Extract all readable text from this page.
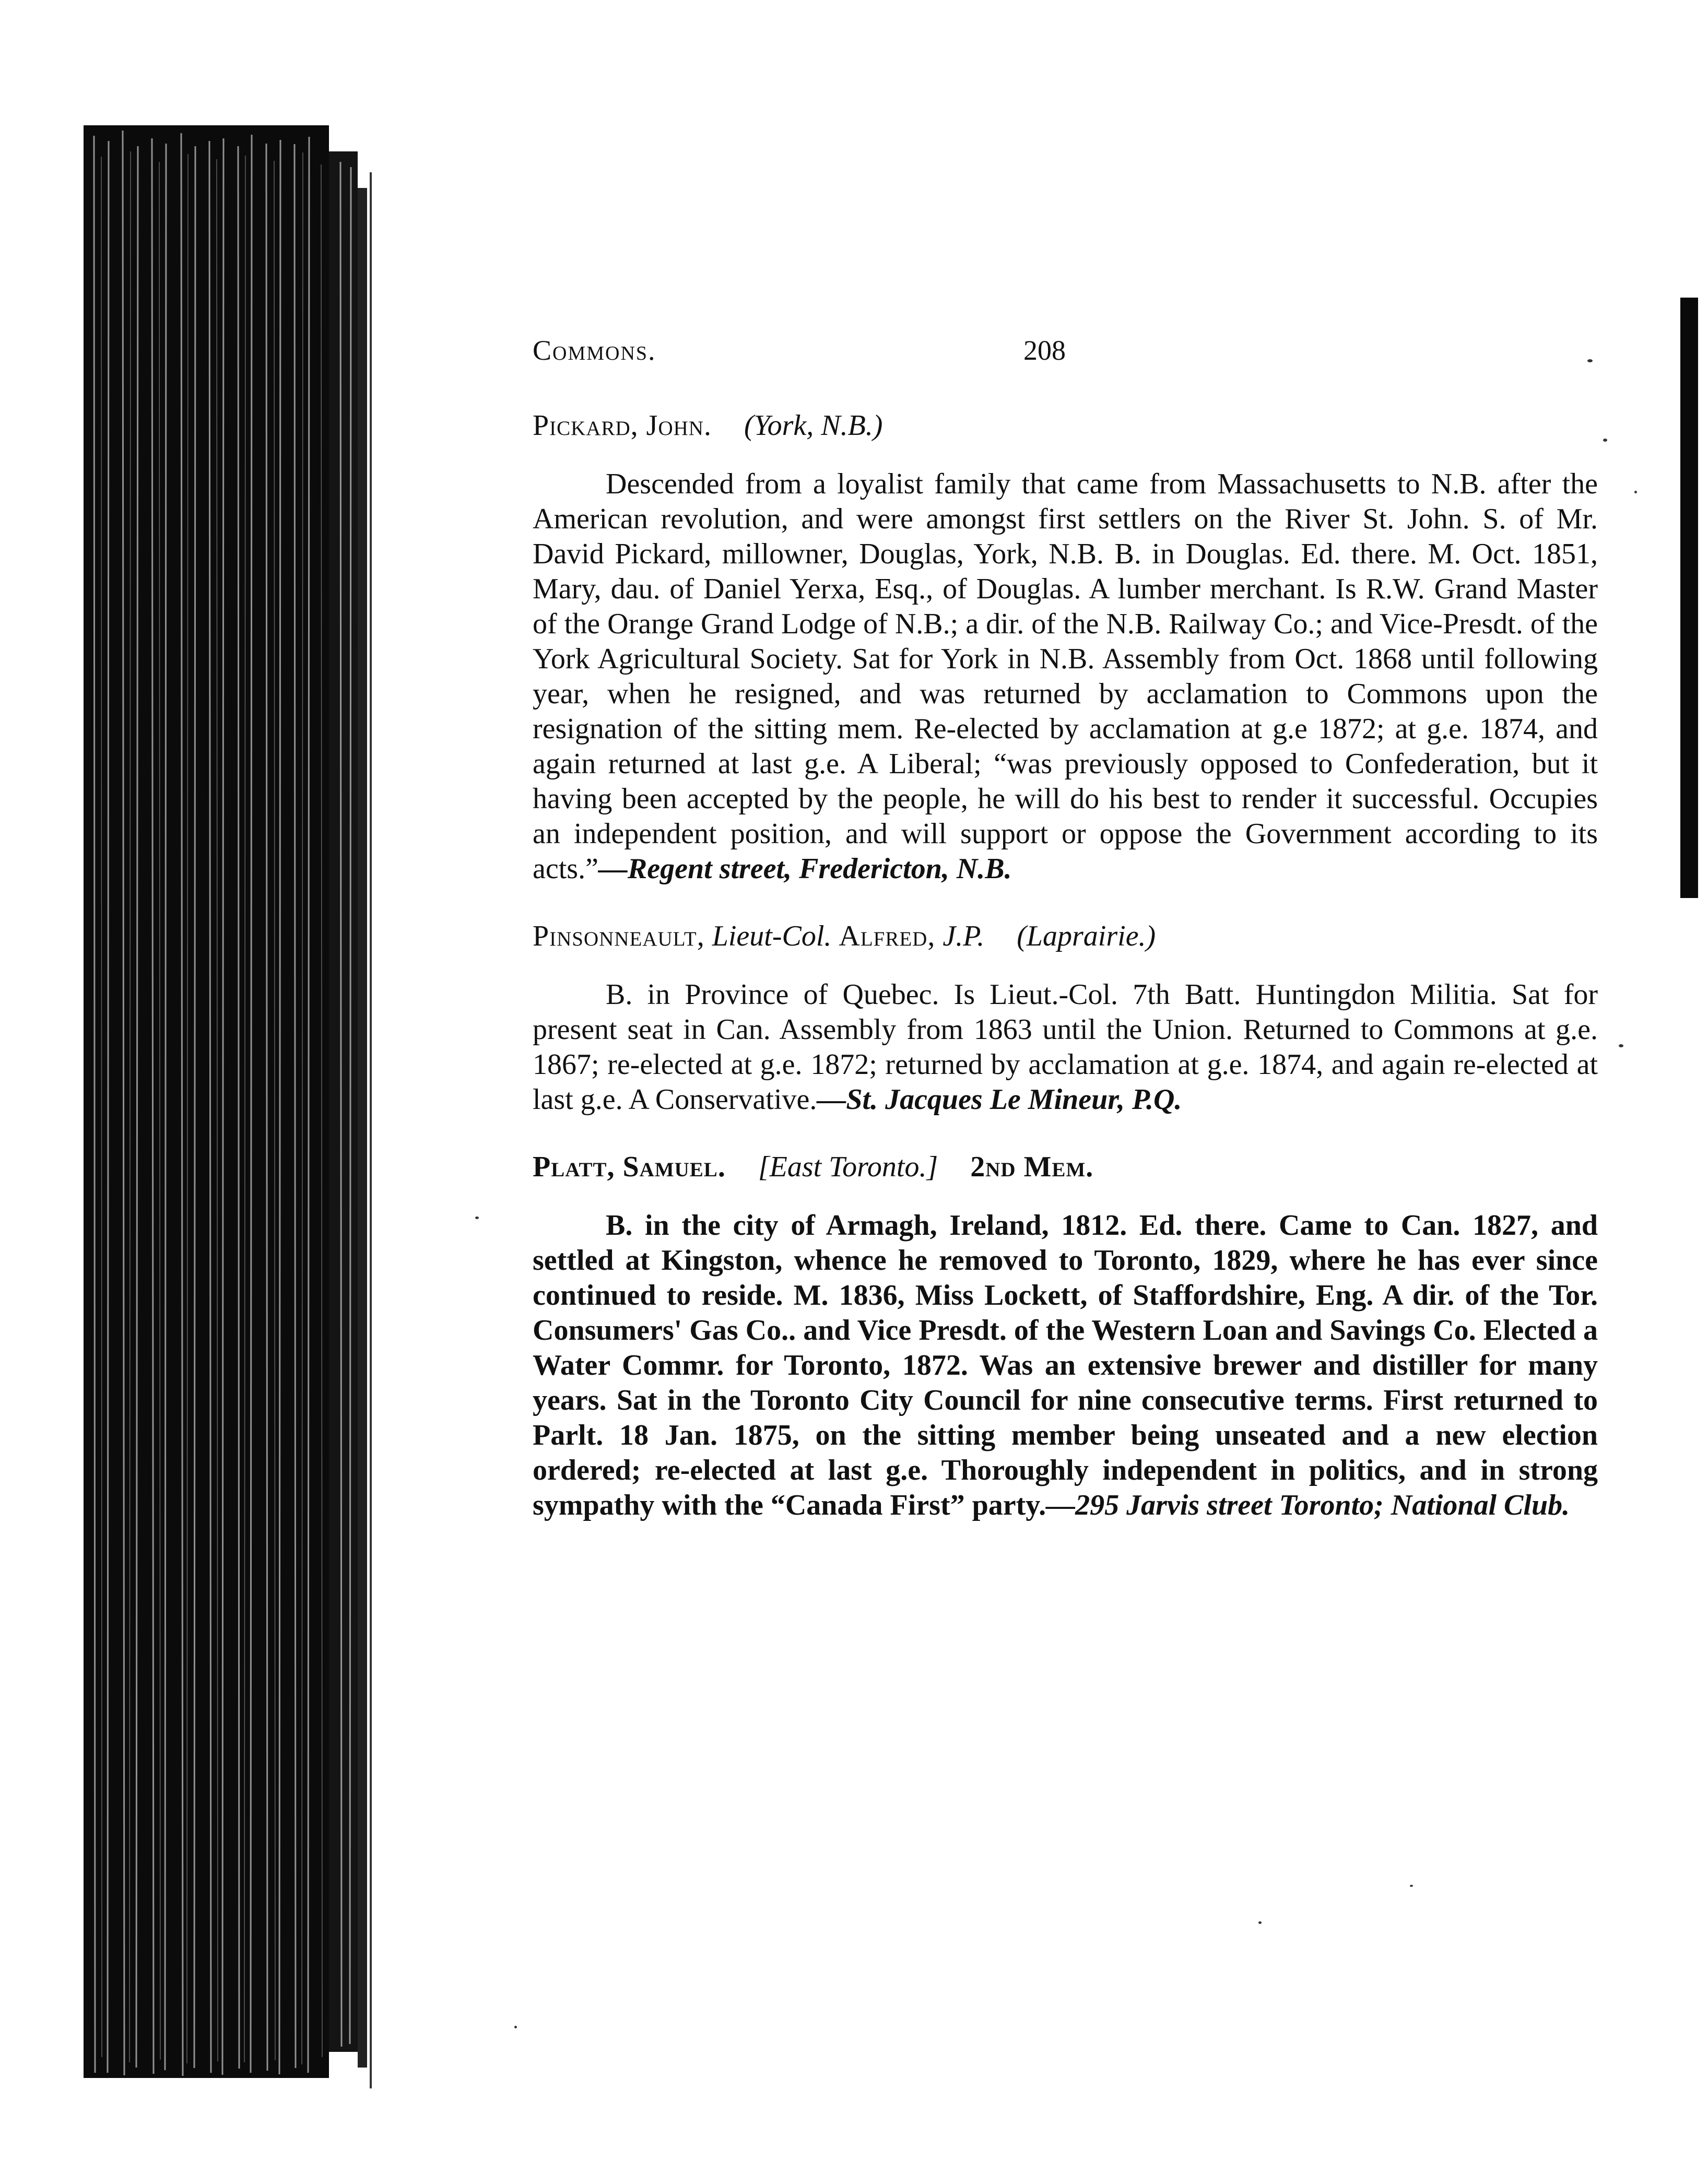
Commons.	208

Pickard, John. (York, N.B.)

Descended from a loyalist family that came from Massachusetts to N.B. after the American revolution, and were amongst first settlers on the River St. John. S. of Mr. David Pickard, millowner, Douglas, York, N.B. B. in Douglas. Ed. there. M. Oct. 1851, Mary, dau. of Daniel Yerxa, Esq., of Douglas. A lumber merchant. Is R.W. Grand Master of the Orange Grand Lodge of N.B.; a dir. of the N.B. Railway Co.; and Vice-Presdt. of the York Agricultural Society. Sat for York in N.B. Assembly from Oct. 1868 until following year, when he resigned, and was returned by acclamation to Commons upon the resignation of the sitting mem. Re-elected by acclamation at g.e 1872; at g.e. 1874, and again returned at last g.e. A Liberal; “was previously opposed to Confederation, but it having been accepted by the people, he will do his best to render it successful. Occupies an independent position, and will support or oppose the Government according to its acts.”—Regent street, Fredericton, N.B.

Pinsonneault, Lieut-Col. Alfred, J.P. (Laprairie.)

B. in Province of Quebec. Is Lieut.-Col. 7th Batt. Huntingdon Militia. Sat for present seat in Can. Assembly from 1863 until the Union. Returned to Commons at g.e. 1867; re-elected at g.e. 1872; returned by acclamation at g.e. 1874, and again re-elected at last g.e. A Conservative.—St. Jacques Le Mineur, P.Q.

Platt, Samuel. [East Toronto.] 2nd Mem.

B. in the city of Armagh, Ireland, 1812. Ed. there. Came to Can. 1827, and settled at Kingston, whence he removed to Toronto, 1829, where he has ever since continued to reside. M. 1836, Miss Lockett, of Staffordshire, Eng. A dir. of the Tor. Consumers' Gas Co.. and Vice Presdt. of the Western Loan and Savings Co. Elected a Water Commr. for Toronto, 1872. Was an extensive brewer and distiller for many years. Sat in the Toronto City Council for nine consecutive terms. First returned to Parlt. 18 Jan. 1875, on the sitting member being unseated and a new election ordered; re-elected at last g.e. Thoroughly independent in politics, and in strong sympathy with the “Canada First” party.—295 Jarvis street Toronto; National Club.
